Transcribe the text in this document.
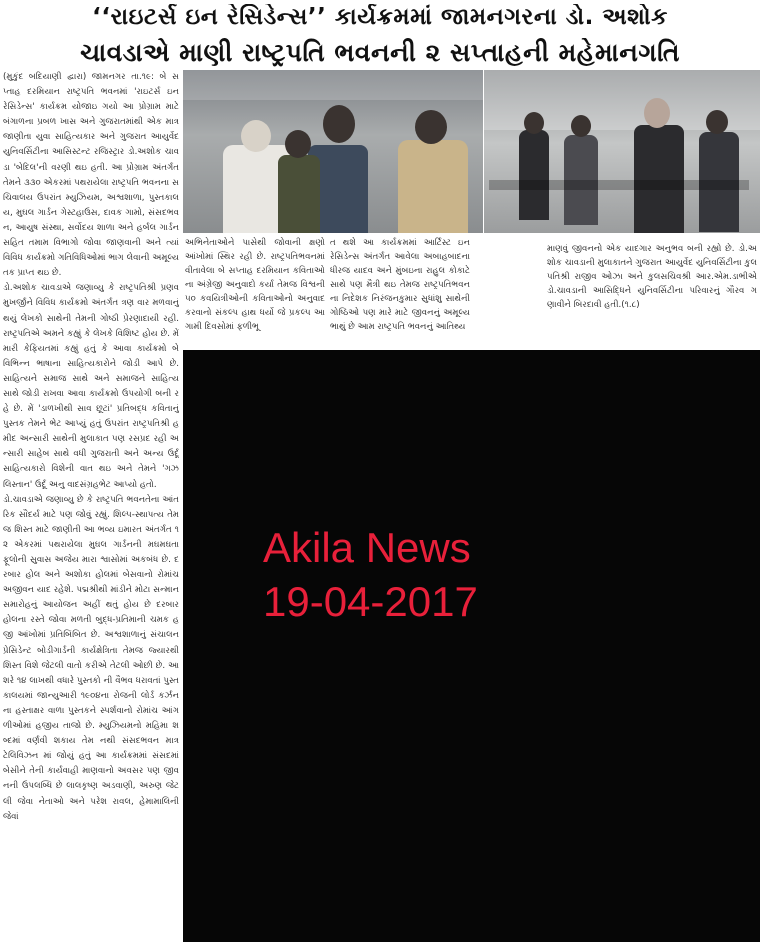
‘‘રાઇટર્સ ઇન રેસિડેન્સ’’ કાર્યક્રમમાં જામનગરના ડો. અશોક
ચાવડાએ માણી રાષ્ટ્રપતિ ભવનની ૨ સપ્તાહની મહેમાનગતિ

(મુકુંદ બદિયાણી દ્વારા) જામનગર તા.૧૯: બે સપ્તાહ દરમિયાન રાષ્ટ્રપતિ ભવનમાં 'રાઇટર્સ ઇન રેસિડેન્સ' કાર્યક્રમ યોજાઇ ગયો આ પ્રોગ્રામ માટે બંગાળના પ્રબળ ખાસ અને ગુજરાતમાંથી એક માત્ર જાણીતા યુવા સાહિત્યકાર અને ગુજરાત આયુર્વેદ યુનિવર્સિટીના આસિસ્ટન્ટ રજિસ્ટ્રાર ડો.અશોક ચાવડા 'બેદિલ'ની વરણી થઇ હતી. આ પ્રોગ્રામ અંતર્ગત તેમને ૩૩૦ એકરમાં પથરાયેલા રાષ્ટ્રપતિ ભવનના સચિવાલય ઉપરાંત મ્યુઝિયમ, અશ્વશાળા, પુસ્તકાલય, મુઘલ ગાર્ડન ગેસ્ટહાઉસ, દાવક ગામો, સંસદભવન, આયુષ સંસ્થા, સર્વોદય શાળા અને હર્બલ ગાર્ડન સહિત તમામ વિભાગો જોવા જાણવાની અને ત્યાં વિવિધ કાર્યક્રમો ગતિવિધિઓમાં ભાગ લેવાની અમૂલ્ય તક પ્રાપ્ત થઇ છે.

ડો.અશોક ચાવડાએ જણાવ્યુ કે રાષ્ટ્રપતિશ્રી પ્રણવ મુખર્જીને વિવિધ કાર્યક્રમો અંતર્ગત ત્રણ વાર મળવાનું થયું લેખકો સાથેની તેમની ગોષ્ઠી પ્રેરણાદાયી રહી. રાષ્ટ્રપતિએ અમને કહ્યું કે લેખકે વિશિષ્ટ હોય છે. મેં મારી કેફિયતમાં કહ્યું હતું કે આવા કાર્યક્રમો બે વિભિન્ન ભાષાના સાહિત્યકારોને જોડી આપે છે. સાહિત્યને સમાજ સાથે અને સમાજને સાહિત્ય સાથે જોડી રાખવા આવા કાર્યક્રમો ઉપયોગી બની રહે છે. મેં 'ડાળખીથી સાવ છૂટાં' પ્રતિબદ્ધ કવિતાનું પુસ્તક તેમને ભેટ આપ્યું હતું ઉપરાંત રાષ્ટ્રપતિશ્રી હમીદ અન્સારી સાથેની મુલાકાત પણ રસપ્રદ રહી અન્સારી સાહેબ સાથે વધી ગુજરાતી અને અન્ય ઉર્દૂ સાહિત્યકારો વિશેની વાત થઇ અને તેમને 'ગઝલિસ્તાન' ઉર્દૂ અનુ વાદસંગ્રહભેટ આપ્યો હતો.

ડો.ચાવડાએ જણાવ્યુ છે કે રાષ્ટ્રપતિ ભવનતેના આંતરિક સૌંદર્ય માટે પણ જોવું રહ્યું. શિલ્પ-સ્થાપત્ય તેમજ શિસ્ત માટે જાણીતી આ ભવ્ય ઇમારત અંતર્ગત ૧૨ એકરમાં પથરાયેલા મુઘલ ગાર્ડનની મઘમઘતા ફૂલોની સુવાસ અજેય મારા શ્વાસોમાં અકબંધ છે. દરબાર હોલ અને અશોકા હોલમાં બેસવાનો રોમાંચ અજીવન યાદ રહેશે. પદ્મશ્રીથી માંડીને મોટા સન્માન સમારોહનું આયોજન અહીં થતું હોય છે દરબાર હોલના રસ્તે જોવા મળતી બુદ્ધ-પ્રતિમાની ચમક હજી આંખોમાં પ્રતિબિંબિત છે. અશ્વશાળાનું સંચાલન પ્રેસિડેન્ટ બોડીગાર્ડની કાર્યક્ષેત્રિતા તેમજ જ્યારથી શિસ્ત વિશે જેટલી વાતો કરીએ તેટલી ઓછી છે. આશરે ૧૪ લાખથી વધારે પુસ્તકો ની વૈભવ ધરાવતાં પુસ્તકાલયમાં જાન્યુઆરી ૧૯૦૪ના રોજની લોર્ડ કર્ઝનના હસ્તાક્ષર વાળા પુસ્તકને સ્પર્શવાનો રોમાંચ આંગળીઓમાં હજીય તાજો છે. મ્યુઝિયમનો મહિમા શબ્દમાં વર્ણવી શકાય તેમ નથી સંસદભવન માત્ર ટેલિવિઝન માં જોયું હતું આ કાર્યક્રમમાં સંસદમાં બેસીને તેની કાર્યવાહી માણવાનો અવસર પણ જીવનની ઉપલબ્ધિ છે લાલકૃષ્ણ અડવાણી, અરુણ જેટલી જેવા નેતાઓ અને પરેશ રાવલ, હેમામાલિની જેવાં

અભિનેતાઓને પાસેથી જોવાની ક્ષણો આંખોમાં સ્થિર રહી છે. રાષ્ટ્રપતિભવનમાં વીતાવેલા બે સપ્તાહ દરમિયાન કવિતાઓના અંગ્રેજી અનુવાદો કર્યા તેમજ વિશ્વની ૫૦ કવયિત્રીઓની કવિતાઓનો અનુવાદ કરવાનો સંકલ્પ હાથ ધર્યો જે પ્રકલ્પ આગામી દિવસોમાં ફળીભૂ
ત થશે આ કાર્યક્રમમાં આર્ટિસ્ટ ઇન રેસિડેન્સ અંતર્ગત આવેલા અબાહબાદના ધીરજ યાદવ અને મુંબઇના રાહુલ કોકાટે સાથે પણ મૈત્રી થઇ તેમજ રાષ્ટ્રપતિભવનના નિદેશક નિરંજનકુમાર સુધાંશુ સાથેની ગોષ્ઠિઓ પણ મારે માટે જીવનનું અમૂલ્ય ભાથું છે આમ રાષ્ટ્રપતિ ભવનનું આતિથ્ય
માણવું જીવનનો એક યાદગાર અનુભવ બની રહ્યો છે. ડો.અશોક ચાવડાની મુલાકાતને ગુજરાત આયુર્વેદ યુનિવર્સિટીના કુલપતિશ્રી રાજીવ ઓઝા અને કુલસચિવશ્રી આર.એમ.ડાભીએ ડો.ચાવડાની આસિદ્ધિને યુનિવર્સિટીના પરિવારનું ગૌરવ ગણાવીને બિરદાવી હતી.(૧.૮)
Akila News
19-04-2017
